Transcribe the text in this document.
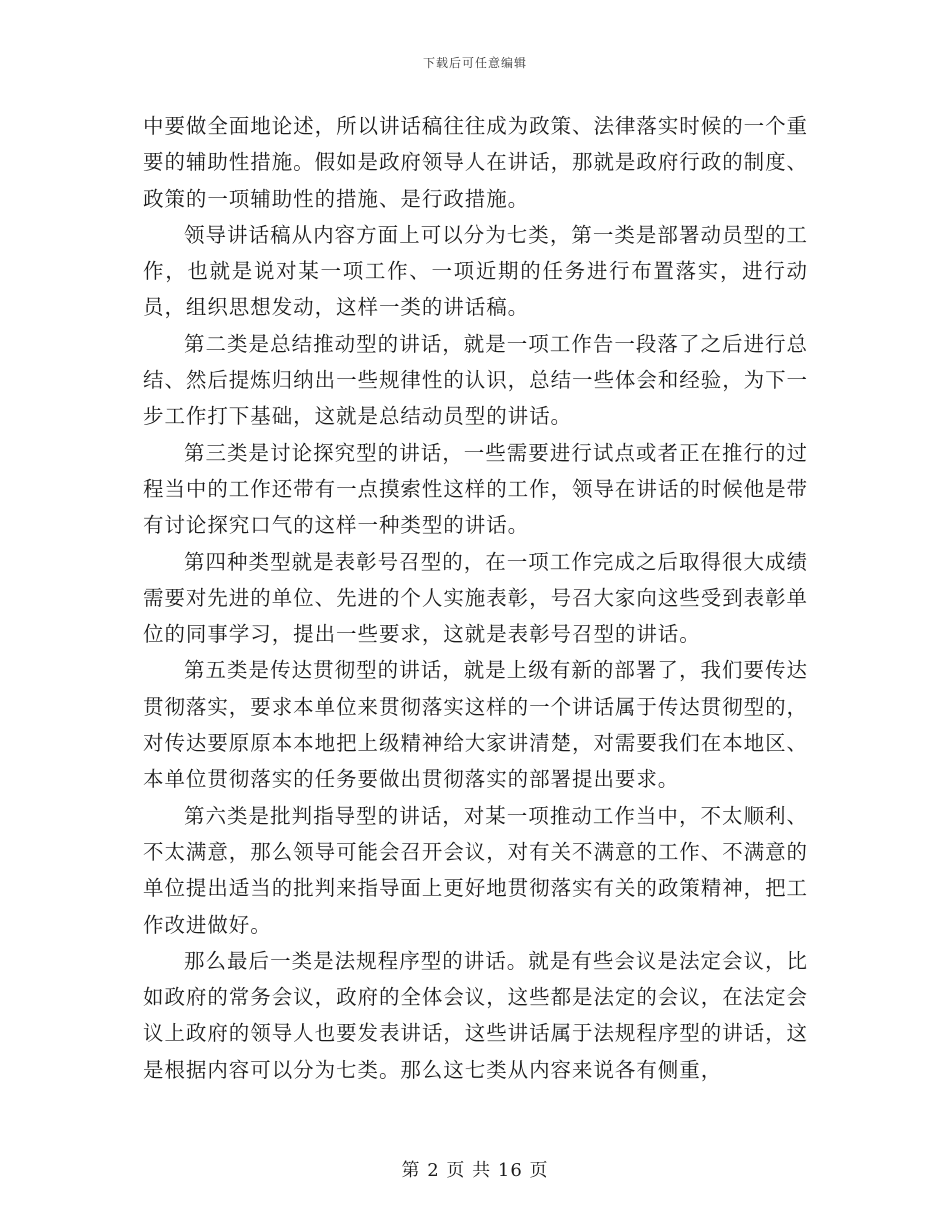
下载后可任意编辑

中要做全面地论述，所以讲话稿往往成为政策、法律落实时候的一个重要的辅助性措施。假如是政府领导人在讲话，那就是政府行政的制度、政策的一项辅助性的措施、是行政措施。

领导讲话稿从内容方面上可以分为七类，第一类是部署动员型的工作，也就是说对某一项工作、一项近期的任务进行布置落实，进行动员，组织思想发动，这样一类的讲话稿。

第二类是总结推动型的讲话，就是一项工作告一段落了之后进行总结、然后提炼归纳出一些规律性的认识，总结一些体会和经验，为下一步工作打下基础，这就是总结动员型的讲话。

第三类是讨论探究型的讲话，一些需要进行试点或者正在推行的过程当中的工作还带有一点摸索性这样的工作，领导在讲话的时候他是带有讨论探究口气的这样一种类型的讲话。

第四种类型就是表彰号召型的，在一项工作完成之后取得很大成绩需要对先进的单位、先进的个人实施表彰，号召大家向这些受到表彰单位的同事学习，提出一些要求，这就是表彰号召型的讲话。

第五类是传达贯彻型的讲话，就是上级有新的部署了，我们要传达贯彻落实，要求本单位来贯彻落实这样的一个讲话属于传达贯彻型的，对传达要原原本本地把上级精神给大家讲清楚，对需要我们在本地区、本单位贯彻落实的任务要做出贯彻落实的部署提出要求。

第六类是批判指导型的讲话，对某一项推动工作当中，不太顺利、不太满意，那么领导可能会召开会议，对有关不满意的工作、不满意的单位提出适当的批判来指导面上更好地贯彻落实有关的政策精神，把工作改进做好。

那么最后一类是法规程序型的讲话。就是有些会议是法定会议，比如政府的常务会议，政府的全体会议，这些都是法定的会议，在法定会议上政府的领导人也要发表讲话，这些讲话属于法规程序型的讲话，这是根据内容可以分为七类。那么这七类从内容来说各有侧重，

第 2 页 共 16 页
